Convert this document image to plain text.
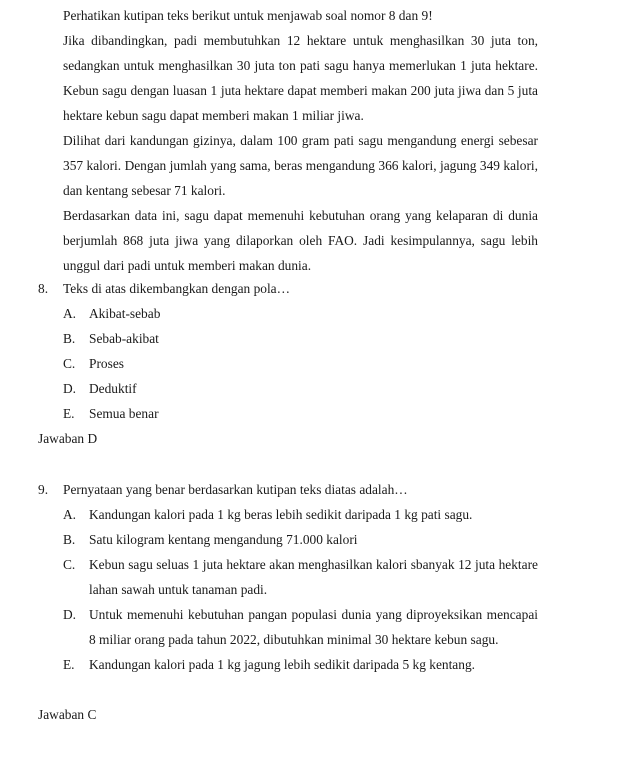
Perhatikan kutipan teks berikut untuk menjawab soal nomor 8 dan 9!

Jika dibandingkan, padi membutuhkan 12 hektare untuk menghasilkan 30 juta ton, sedangkan untuk menghasilkan 30 juta ton pati sagu hanya memerlukan 1 juta hektare. Kebun sagu dengan luasan 1 juta hektare dapat memberi makan 200 juta jiwa dan 5 juta hektare kebun sagu dapat memberi makan 1 miliar jiwa.

Dilihat dari kandungan gizinya, dalam 100 gram pati sagu mengandung energi sebesar 357 kalori. Dengan jumlah yang sama, beras mengandung 366 kalori, jagung 349 kalori, dan kentang sebesar 71 kalori.

Berdasarkan data ini, sagu dapat memenuhi kebutuhan orang yang kelaparan di dunia berjumlah 868 juta jiwa yang dilaporkan oleh FAO. Jadi kesimpulannya, sagu lebih unggul dari padi untuk memberi makan dunia.

8. Teks di atas dikembangkan dengan pola…
A. Akibat-sebab
B. Sebab-akibat
C. Proses
D. Deduktif
E. Semua benar
Jawaban D
9. Pernyataan yang benar berdasarkan kutipan teks diatas adalah…
A. Kandungan kalori pada 1 kg beras lebih sedikit daripada 1 kg pati sagu.
B. Satu kilogram kentang mengandung 71.000 kalori
C. Kebun sagu seluas 1 juta hektare akan menghasilkan kalori sbanyak 12 juta hektare lahan sawah untuk tanaman padi.
D. Untuk memenuhi kebutuhan pangan populasi dunia yang diproyeksikan mencapai 8 miliar orang pada tahun 2022, dibutuhkan minimal 30 hektare kebun sagu.
E. Kandungan kalori pada 1 kg jagung lebih sedikit daripada 5 kg kentang.
Jawaban C
